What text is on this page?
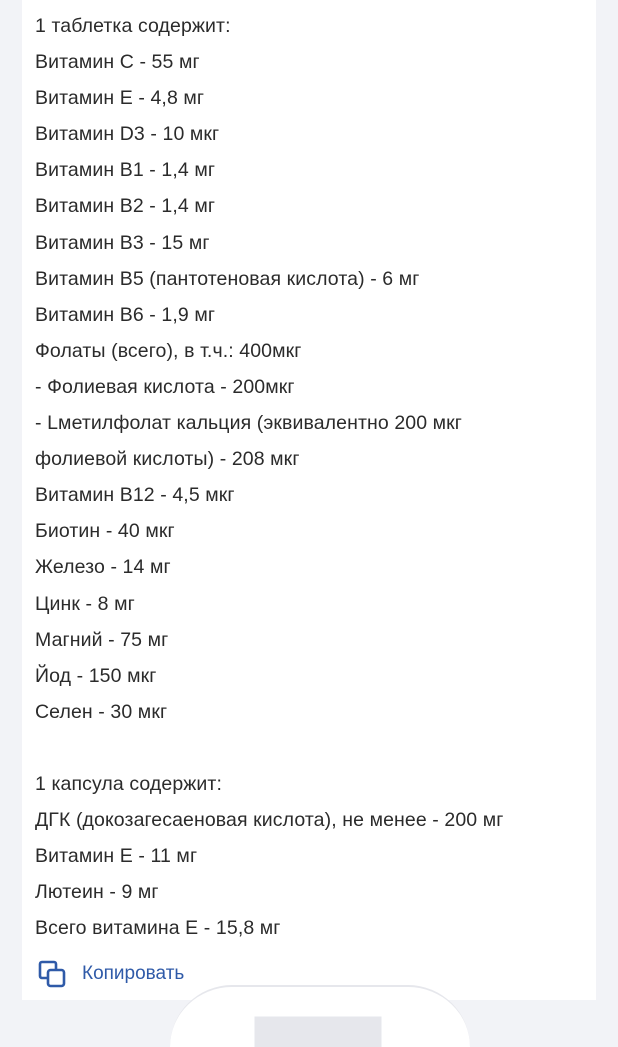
1 таблетка содержит:
Витамин С - 55 мг
Витамин Е - 4,8 мг
Витамин D3 - 10 мкг
Витамин В1 - 1,4 мг
Витамин В2 - 1,4 мг
Витамин В3 - 15 мг
Витамин В5 (пантотеновая кислота) - 6 мг
Витамин В6 - 1,9 мг
Фолаты (всего), в т.ч.: 400мкг
- Фолиевая кислота - 200мкг
- Lметилфолат кальция (эквивалентно 200 мкг
фолиевой кислоты) - 208 мкг
Витамин В12 - 4,5 мкг
Биотин - 40 мкг
Железо - 14 мг
Цинк - 8 мг
Магний - 75 мг
Йод - 150 мкг
Селен - 30 мкг
1 капсула содержит:
ДГК (докозагесаеновая кислота), не менее - 200 мг
Витамин Е - 11 мг
Лютеин - 9 мг
Всего витамина Е - 15,8 мг
Копировать
